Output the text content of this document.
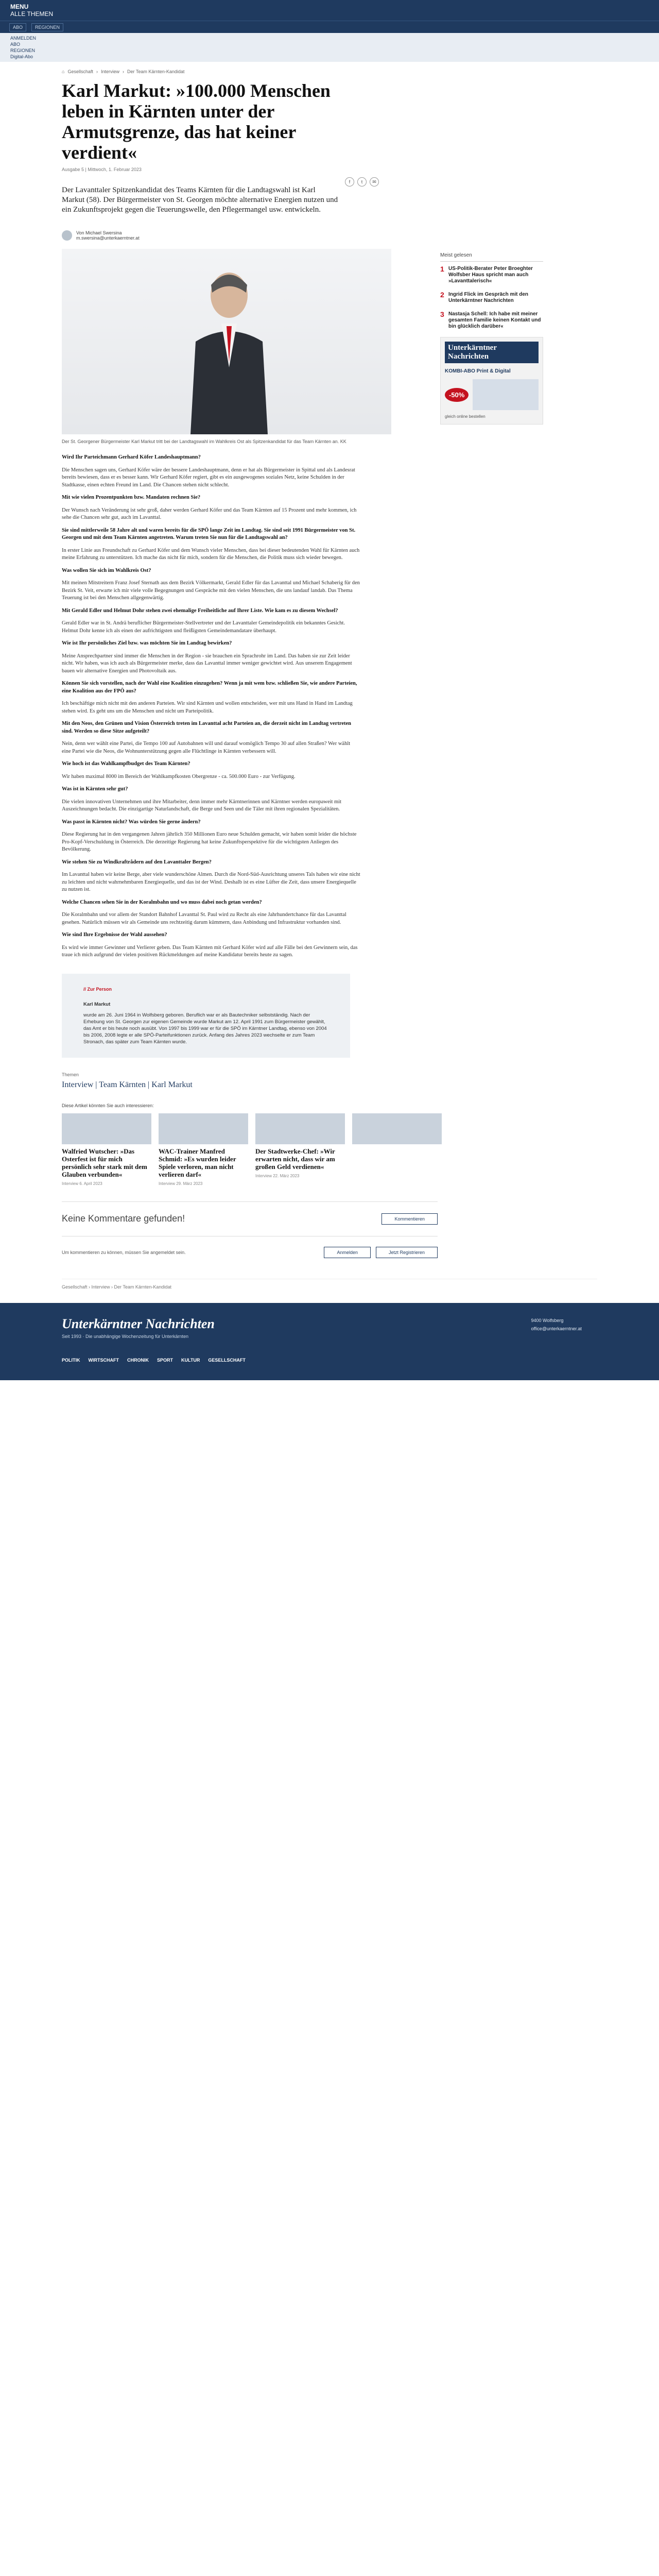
MENU
ALLE THEMEN
ABO	REGIONEN
ANMELDEN
ABO
REGIONEN
Digital-Abo
⌂ Gesellschaft › Interview › Der Team Kärnten-Kandidat
Karl Markut: »100.000 Menschen leben in Kärnten unter der Armutsgrenze, das hat keiner verdient«
Ausgabe 5 | Mittwoch, 1. Februar 2023
Der Lavanttaler Spitzenkandidat des Teams Kärnten für die Landtagswahl ist Karl Markut (58). Der Bürgermeister von St. Georgen möchte alternative Energien nutzen und ein Zukunftsprojekt gegen die Teuerungswelle, den Pflegermangel usw. entwickeln.
f	t	✉
Von Michael Swersina
m.swersina@unterkaerntner.at
Der St. Georgener Bürgermeister Karl Markut tritt bei der Landtagswahl im Wahlkreis Ost als Spitzenkandidat für das Team Kärnten an. KK

Wird Ihr Parteichmann Gerhard Köfer Landeshauptmann?

Die Menschen sagen uns, Gerhard Köfer wäre der bessere Landeshauptmann, denn er hat als Bürgermeister in Spittal und als Landesrat bereits bewiesen, dass er es besser kann. Wir Gerhard Köfer regiert, gibt es ein ausgewogenes soziales Netz, keine Schulden in der Stadtkasse, einen echten Freund im Land. Die Chancen stehen nicht schlecht.

Mit wie vielen Prozentpunkten bzw. Mandaten rechnen Sie?

Der Wunsch nach Veränderung ist sehr groß, daher werden Gerhard Köfer und das Team Kärnten auf 15 Prozent und mehr kommen, ich sehe die Chancen sehr gut, auch im Lavanttal.

Sie sind mittlerweile 58 Jahre alt und waren bereits für die SPÖ lange Zeit im Landtag. Sie sind seit 1991 Bürgermeister von St. Georgen und mit dem Team Kärnten angetreten. Warum treten Sie nun für die Landtagswahl an?

In erster Linie aus Freundschaft zu Gerhard Köfer und dem Wunsch vieler Menschen, dass bei dieser bedeutenden Wahl für Kärnten auch meine Erfahrung zu unterstützen. Ich mache das nicht für mich, sondern für die Menschen, die Politik muss sich wieder bewegen.

Was wollen Sie sich im Wahlkreis Ost?

Mit meinen Mitstreitern Franz Josef Sternath aus dem Bezirk Völkermarkt, Gerald Edler für das Lavanttal und Michael Schaberig für den Bezirk St. Veit, erwarte ich mir viele volle Begegnungen und Gespräche mit den vielen Menschen, die uns landauf landab. Das Thema Teuerung ist bei den Menschen allgegenwärtig.

Mit Gerald Edler und Helmut Dohr stehen zwei ehemalige Freiheitliche auf Ihrer Liste. Wie kam es zu diesem Wechsel?

Gerald Edler war in St. Andrä beruflicher Bürgermeister-Stellvertreter und der Lavanttaler Gemeindepolitik ein bekanntes Gesicht. Helmut Dohr kenne ich als einen der aufrichtigsten und fleißigsten Gemeindemandatare überhaupt.

Wie ist Ihr persönliches Ziel bzw. was möchten Sie im Landtag bewirken?

Meine Ansprechpartner sind immer die Menschen in der Region - sie brauchen ein Sprachrohr im Land. Das haben sie zur Zeit leider nicht. Wir haben, was ich auch als Bürgermeister merke, dass das Lavanttal immer weniger gewichtet wird. Aus unserem Engagement bauen wir alternative Energien und Photovoltaik aus.

Können Sie sich vorstellen, nach der Wahl eine Koalition einzugehen? Wenn ja mit wem bzw. schließen Sie, wie andere Parteien, eine Koalition aus der FPÖ aus?

Ich beschäftige mich nicht mit den anderen Parteien. Wir sind Kärnten und wollen entscheiden, wer mit uns Hand in Hand im Landtag stehen wird. Es geht uns um die Menschen und nicht um Parteipolitik.

Mit den Neos, den Grünen und Vision Österreich treten im Lavanttal acht Parteien an, die derzeit nicht im Landtag vertreten sind. Werden so diese Sitze aufgeteilt?

Nein, denn wer wählt eine Partei, die Tempo 100 auf Autobahnen will und darauf womöglich Tempo 30 auf allen Straßen? Wer wählt eine Partei wie die Neos, die Wohnunterstützung gegen alle Flüchtlinge in Kärnten verbessern will.

Wie hoch ist das Wahlkampfbudget des Team Kärnten?

Wir haben maximal 8000 im Bereich der Wahlkampfkosten Obergrenze - ca. 500.000 Euro - zur Verfügung.

Was ist in Kärnten sehr gut?

Die vielen innovativen Unternehmen und ihre Mitarbeiter, denn immer mehr Kärntnerinnen und Kärntner werden europaweit mit Auszeichnungen bedacht. Die einzigartige Naturlandschaft, die Berge und Seen und die Täler mit ihren regionalen Spezialitäten.

Was passt in Kärnten nicht? Was würden Sie gerne ändern?

Diese Regierung hat in den vergangenen Jahren jährlich 350 Millionen Euro neue Schulden gemacht, wir haben somit leider die höchste Pro-Kopf-Verschuldung in Österreich. Die derzeitige Regierung hat keine Zukunftsperspektive für die wichtigsten Anliegen des Bevölkerung.

Wie stehen Sie zu Windkraftrådern auf den Lavanttaler Bergen?

Im Lavanttal haben wir keine Berge, aber viele wunderschöne Almen. Durch die Nord-Süd-Ausrichtung unseres Tals haben wir eine nicht zu leichten und nicht wahrnehmbaren Energiequelle, und das ist der Wind. Deshalb ist es eine Lüfter die Zeit, dass unsere Energiequelle zu nutzen ist.

Welche Chancen sehen Sie in der Koralmbahn und wo muss dabei noch getan werden?

Die Koralmbahn und vor allem der Standort Bahnhof Lavanttal St. Paul wird zu Recht als eine Jahrhundertchance für das Lavanttal gesehen. Natürlich müssen wir als Gemeinde uns rechtzeitig darum kümmern, dass Anbindung und Infrastruktur vorhanden sind.

Wie sind Ihre Ergebnisse der Wahl aussehen?

Es wird wie immer Gewinner und Verlierer geben. Das Team Kärnten mit Gerhard Köfer wird auf alle Fälle bei den Gewinnern sein, das traue ich mich aufgrund der vielen positiven Rückmeldungen auf meine Kandidatur bereits heute zu sagen.

// Zur Person
Karl Markut
wurde am 26. Juni 1964 in Wolfsberg geboren. Beruflich war er als Bautechniker selbstständig. Nach der Erhebung von St. Georgen zur eigenen Gemeinde wurde Markut am 12. April 1991 zum Bürgermeister gewählt, das Amt er bis heute noch ausübt. Von 1997 bis 1999 war er für die SPÖ im Kärntner Landtag, ebenso von 2004 bis 2006, 2008 legte er alle SPÖ-Parteifunktionen zurück. Anfang des Jahres 2023 wechselte er zum Team Stronach, das später zum Team Kärnten wurde.
Themen
Interview | Team Kärnten | Karl Markut
Diese Artikel könnten Sie auch interessieren:
Walfried Wutscher: »Das Osterfest ist für mich persönlich sehr stark mit dem Glauben verbunden«
Interview 6. April 2023
WAC-Trainer Manfred Schmid: »Es wurden leider Spiele verloren, man nicht verlieren darf«
Interview 29. März 2023
Der Stadtwerke-Chef: »Wir erwarten nicht, dass wir am großen Geld verdienen«
Interview 22. März 2023
Keine Kommentare gefunden!	Kommentieren
Um kommentieren zu können, müssen Sie angemeldet sein.	Anmelden	Jetzt Registrieren
Gesellschaft › Interview › Der Team Kärnten-Kandidat
Meist gelesen
1 US-Politik-Berater Peter Broeghter Wolfsber Haus spricht man auch »Lavanttalerisch«
2 Ingrid Flick im Gespräch mit den Unterkärntner Nachrichten
3 Nastasja Schell: Ich habe mit meiner gesamten Familie keinen Kontakt und bin glücklich darüber«
Unterkärntner Nachrichten
KOMBI-ABO Print & Digital
-50%
gleich online bestellen
Unterkärntner Nachrichten
Seit 1993 · Die unabhängige Wochenzeitung für Unterkärnten
POLITIK WIRTSCHAFT CHRONIK SPORT KULTUR GESELLSCHAFT
9400 Wolfsberg
office@unterkaerntner.at
